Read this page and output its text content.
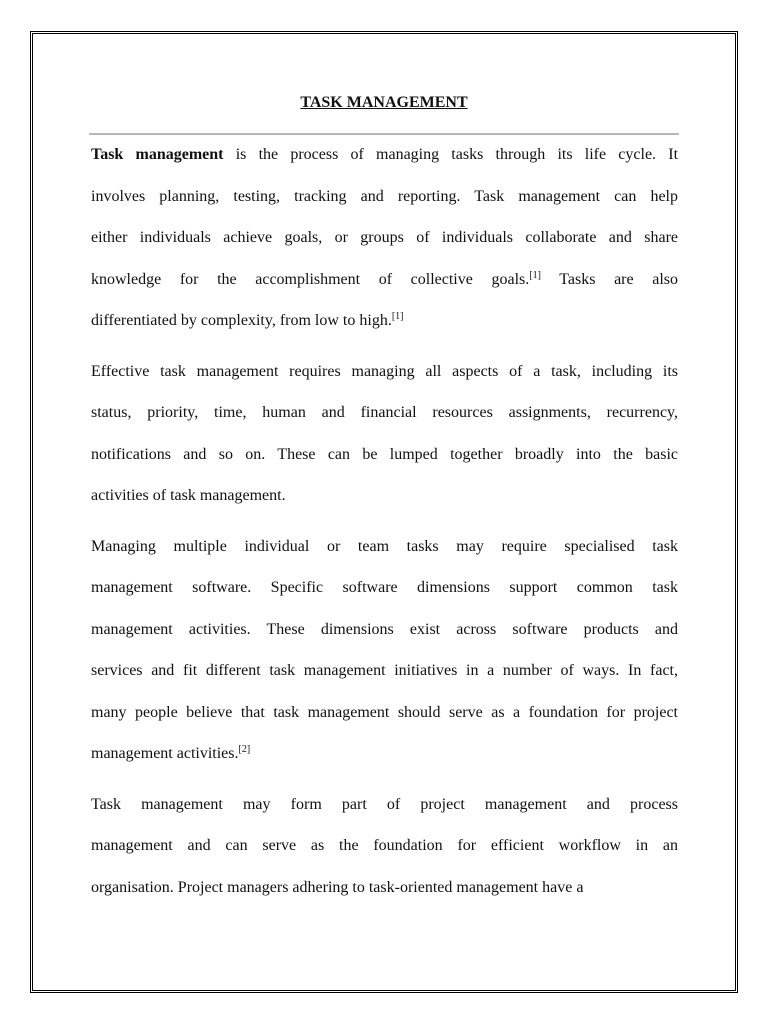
TASK MANAGEMENT
Task management is the process of managing tasks through its life cycle. It
involves planning, testing, tracking and reporting. Task management can help
either individuals achieve goals, or groups of individuals collaborate and share
knowledge for the accomplishment of collective goals.[1] Tasks are also
differentiated by complexity, from low to high.[1]
Effective task management requires managing all aspects of a task, including its
status, priority, time, human and financial resources assignments, recurrency,
notifications and so on. These can be lumped together broadly into the basic
activities of task management.
Managing multiple individual or team tasks may require specialised task
management software. Specific software dimensions support common task
management activities. These dimensions exist across software products and
services and fit different task management initiatives in a number of ways. In fact,
many people believe that task management should serve as a foundation for project
management activities.[2]
Task management may form part of project management and process
management and can serve as the foundation for efficient workflow in an
organisation. Project managers adhering to task-oriented management have a
